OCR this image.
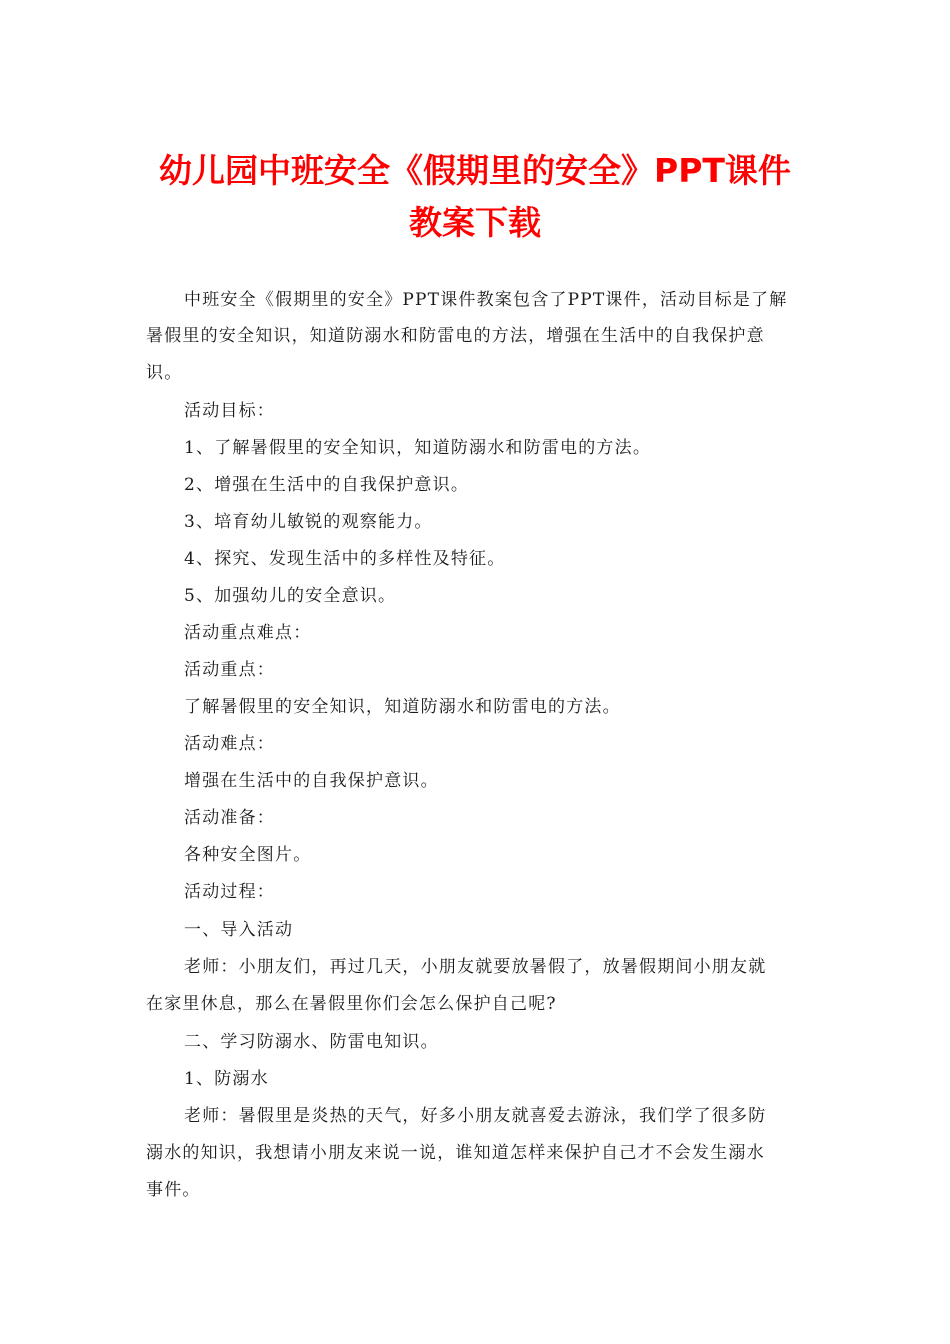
幼儿园中班安全《假期里的安全》PPT课件
教案下载

中班安全《假期里的安全》PPT课件教案包含了PPT课件，活动目标是了解

暑假里的安全知识，知道防溺水和防雷电的方法，增强在生活中的自我保护意

识。

活动目标：

1、了解暑假里的安全知识，知道防溺水和防雷电的方法。

2、增强在生活中的自我保护意识。

3、培育幼儿敏锐的观察能力。

4、探究、发现生活中的多样性及特征。

5、加强幼儿的安全意识。

活动重点难点：

活动重点：

了解暑假里的安全知识，知道防溺水和防雷电的方法。

活动难点：

增强在生活中的自我保护意识。

活动准备：

各种安全图片。

活动过程：

一、导入活动

老师：小朋友们，再过几天，小朋友就要放暑假了，放暑假期间小朋友就

在家里休息，那么在暑假里你们会怎么保护自己呢?

二、学习防溺水、防雷电知识。

1、防溺水

老师：暑假里是炎热的天气，好多小朋友就喜爱去游泳，我们学了很多防

溺水的知识，我想请小朋友来说一说，谁知道怎样来保护自己才不会发生溺水

事件。
